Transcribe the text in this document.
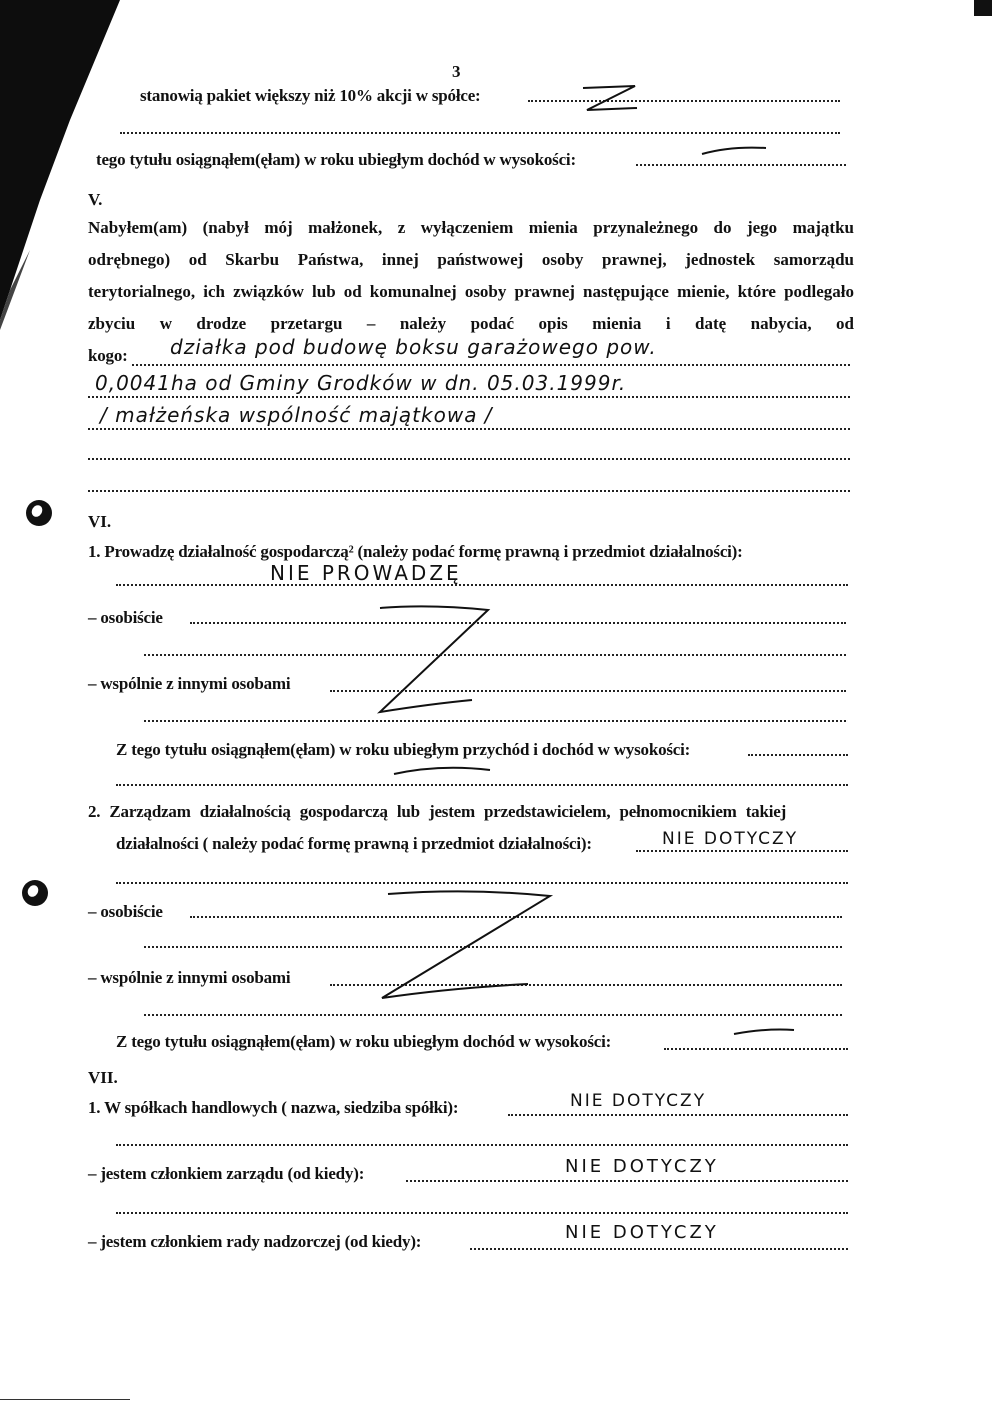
3
stanowią pakiet większy niż 10% akcji w spółce:
tego tytułu osiągnąłem(ęłam) w roku ubiegłym dochód w wysokości:
V.
Nabyłem(am) (nabył mój małżonek, z wyłączeniem mienia przynależnego do jego majątku
odrębnego) od Skarbu Państwa, innej państwowej osoby prawnej, jednostek samorządu
terytorialnego, ich związków lub od komunalnej osoby prawnej następujące mienie, które podlegało
zbyciu w drodze przetargu – należy podać opis mienia i datę nabycia, od
kogo: działka pod budowę boksu garażowego pow.
0,0041ha od Gminy Grodków w dn. 05.03.1999r.
/ małżeńska wspólność majątkowa /
VI.
1. Prowadzę działalność gospodarczą² (należy podać formę prawną i przedmiot działalności):
NIE PROWADZĘ
– osobiście
– wspólnie z innymi osobami
Z tego tytułu osiągnąłem(ęłam) w roku ubiegłym przychód i dochód w wysokości:
2. Zarządzam działalnością gospodarczą lub jestem przedstawicielem, pełnomocnikiem takiej
działalności ( należy podać formę prawną i przedmiot działalności):	NIE DOTYCZY
– osobiście
– wspólnie z innymi osobami
Z tego tytułu osiągnąłem(ęłam) w roku ubiegłym dochód w wysokości:
VII.
1. W spółkach handlowych ( nazwa, siedziba spółki):	NIE DOTYCZY
– jestem członkiem zarządu (od kiedy):	NIE DOTYCZY
– jestem członkiem rady nadzorczej (od kiedy):	NIE DOTYCZY
